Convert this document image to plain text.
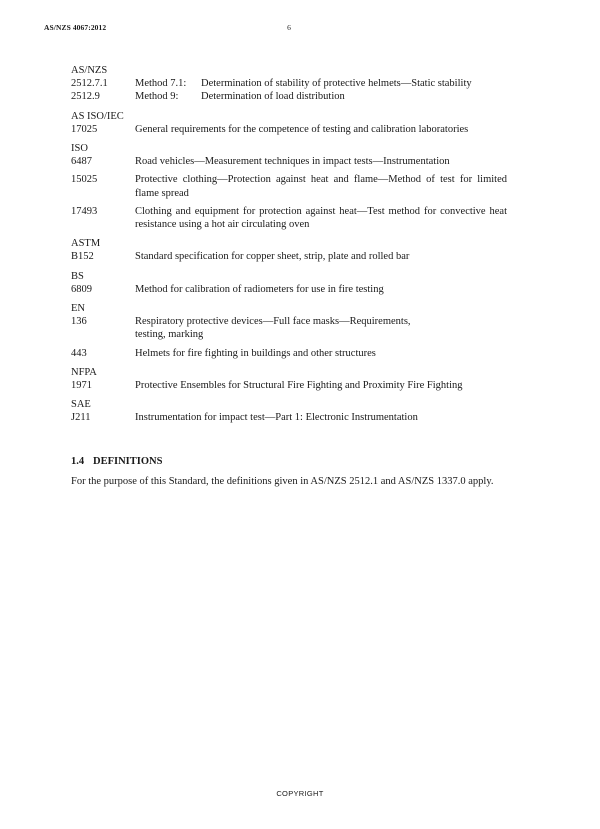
AS/NZS 4067:2012	6
AS/NZS
2512.7.1	Method 7.1: Determination of stability of protective helmets—Static stability
2512.9	Method 9: Determination of load distribution
AS ISO/IEC
17025	General requirements for the competence of testing and calibration laboratories
ISO
6487	Road vehicles—Measurement techniques in impact tests—Instrumentation
15025	Protective clothing—Protection against heat and flame—Method of test for limited flame spread
17493	Clothing and equipment for protection against heat—Test method for convective heat resistance using a hot air circulating oven
ASTM
B152	Standard specification for copper sheet, strip, plate and rolled bar
BS
6809	Method for calibration of radiometers for use in fire testing
EN
136	Respiratory protective devices—Full face masks—Requirements,
testing, marking
443	Helmets for fire fighting in buildings and other structures
NFPA
1971	Protective Ensembles for Structural Fire Fighting and Proximity Fire Fighting
SAE
J211	Instrumentation for impact test—Part 1: Electronic Instrumentation
1.4 DEFINITIONS
For the purpose of this Standard, the definitions given in AS/NZS 2512.1 and AS/NZS 1337.0 apply.
COPYRIGHT
